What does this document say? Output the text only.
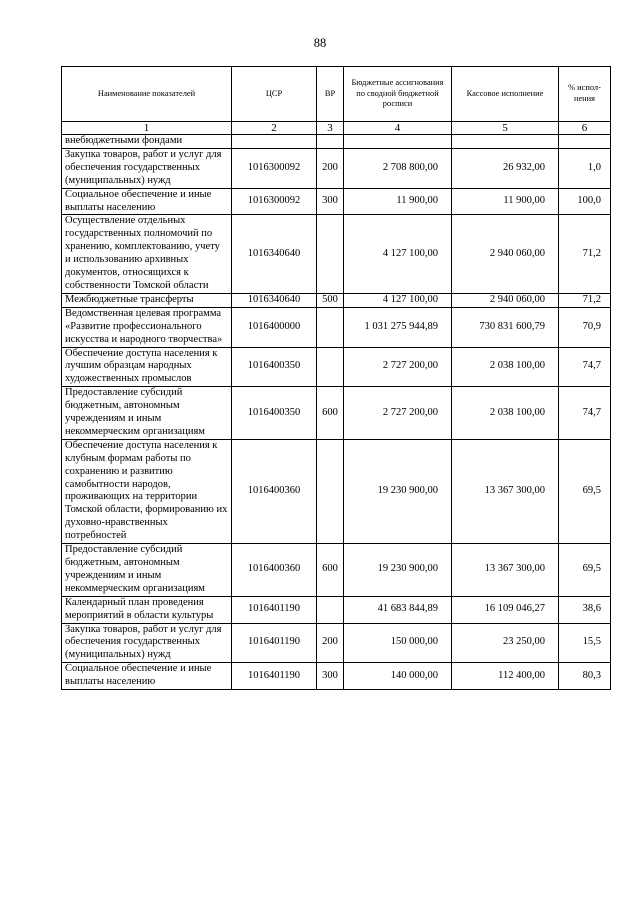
88
Наименование показателей	ЦСР	ВР	Бюджетные ассигнования по сводной бюджетной росписи	Кассовое исполнение	% испол-нения
1	2	3	4	5	6
внебюджетными фондами					
Закупка товаров, работ и услуг для обеспечения государственных (муниципальных) нужд	1016300092	200	2 708 800,00	26 932,00	1,0
Социальное обеспечение и иные выплаты населению	1016300092	300	11 900,00	11 900,00	100,0
Осуществление отдельных государственных полномочий по хранению, комплектованию, учету и использованию архивных документов, относящихся к собственности Томской области	1016340640		4 127 100,00	2 940 060,00	71,2
Межбюджетные трансферты	1016340640	500	4 127 100,00	2 940 060,00	71,2
Ведомственная целевая программа «Развитие профессионального искусства и народного творчества»	1016400000		1 031 275 944,89	730 831 600,79	70,9
Обеспечение доступа населения к лучшим образцам народных художественных промыслов	1016400350		2 727 200,00	2 038 100,00	74,7
Предоставление субсидий бюджетным, автономным учреждениям и иным некоммерческим организациям	1016400350	600	2 727 200,00	2 038 100,00	74,7
Обеспечение доступа населения к клубным формам работы по сохранению и развитию самобытности народов, проживающих на территории Томской области, формированию их духовно-нравственных потребностей	1016400360		19 230 900,00	13 367 300,00	69,5
Предоставление субсидий бюджетным, автономным учреждениям и иным некоммерческим организациям	1016400360	600	19 230 900,00	13 367 300,00	69,5
Календарный план проведения мероприятий в области культуры	1016401190		41 683 844,89	16 109 046,27	38,6
Закупка товаров, работ и услуг для обеспечения государственных (муниципальных) нужд	1016401190	200	150 000,00	23 250,00	15,5
Социальное обеспечение и иные выплаты населению	1016401190	300	140 000,00	112 400,00	80,3
